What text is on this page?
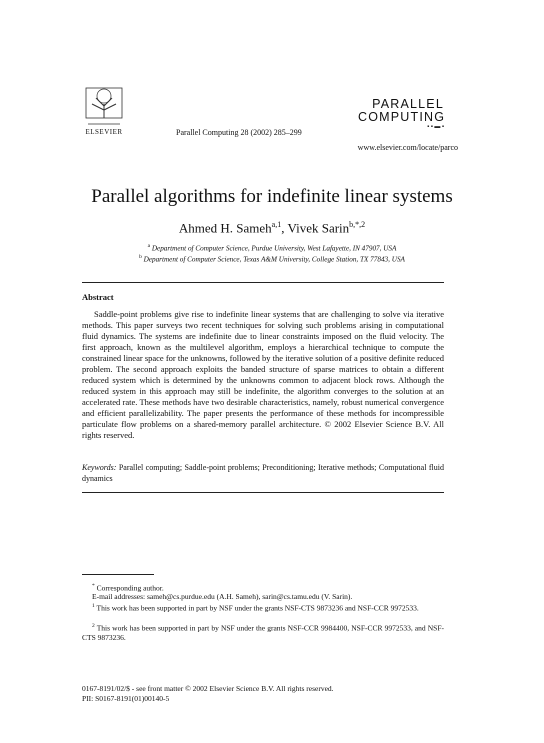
ELSEVIER	Parallel Computing 28 (2002) 285–299
PARALLEL
COMPUTING
▪ ▪ ▬ ▪
www.elsevier.com/locate/parco
Parallel algorithms for indefinite linear systems
Ahmed H. Sameh$^{a,1}$, Vivek Sarin$^{b,*,2}$
$^a$ Department of Computer Science, Purdue University, West Lafayette, IN 47907, USA
$^b$ Department of Computer Science, Texas A&M University, College Station, TX 77843, USA
Abstract
Saddle-point problems give rise to indefinite linear systems that are challenging to solve via iterative methods. This paper surveys two recent techniques for solving such problems arising in computational fluid dynamics. The systems are indefinite due to linear constraints imposed on the fluid velocity. The first approach, known as the multilevel algorithm, employs a hierarchical technique to compute the constrained linear space for the unknowns, followed by the iterative solution of a positive definite reduced problem. The second approach exploits the banded structure of sparse matrices to obtain a different reduced system which is determined by the unknowns common to adjacent block rows. Although the reduced system in this approach may still be indefinite, the algorithm converges to the solution at an accelerated rate. These methods have two desirable characteristics, namely, robust numerical convergence and efficient parallelizability. The paper presents the performance of these methods for incompressible particulate flow problems on a shared-memory parallel architecture. © 2002 Elsevier Science B.V. All rights reserved.
Keywords: Parallel computing; Saddle-point problems; Preconditioning; Iterative methods; Computational fluid dynamics
* Corresponding author.
E-mail addresses: sameh@cs.purdue.edu (A.H. Sameh), sarin@cs.tamu.edu (V. Sarin).
$^1$ This work has been supported in part by NSF under the grants NSF-CTS 9873236 and NSF-CCR 9972533.
$^2$ This work has been supported in part by NSF under the grants NSF-CCR 9984400, NSF-CCR 9972533, and NSF-CTS 9873236.
0167-8191/02/$ - see front matter © 2002 Elsevier Science B.V. All rights reserved.
PII: S0167-8191(01)00140-5
